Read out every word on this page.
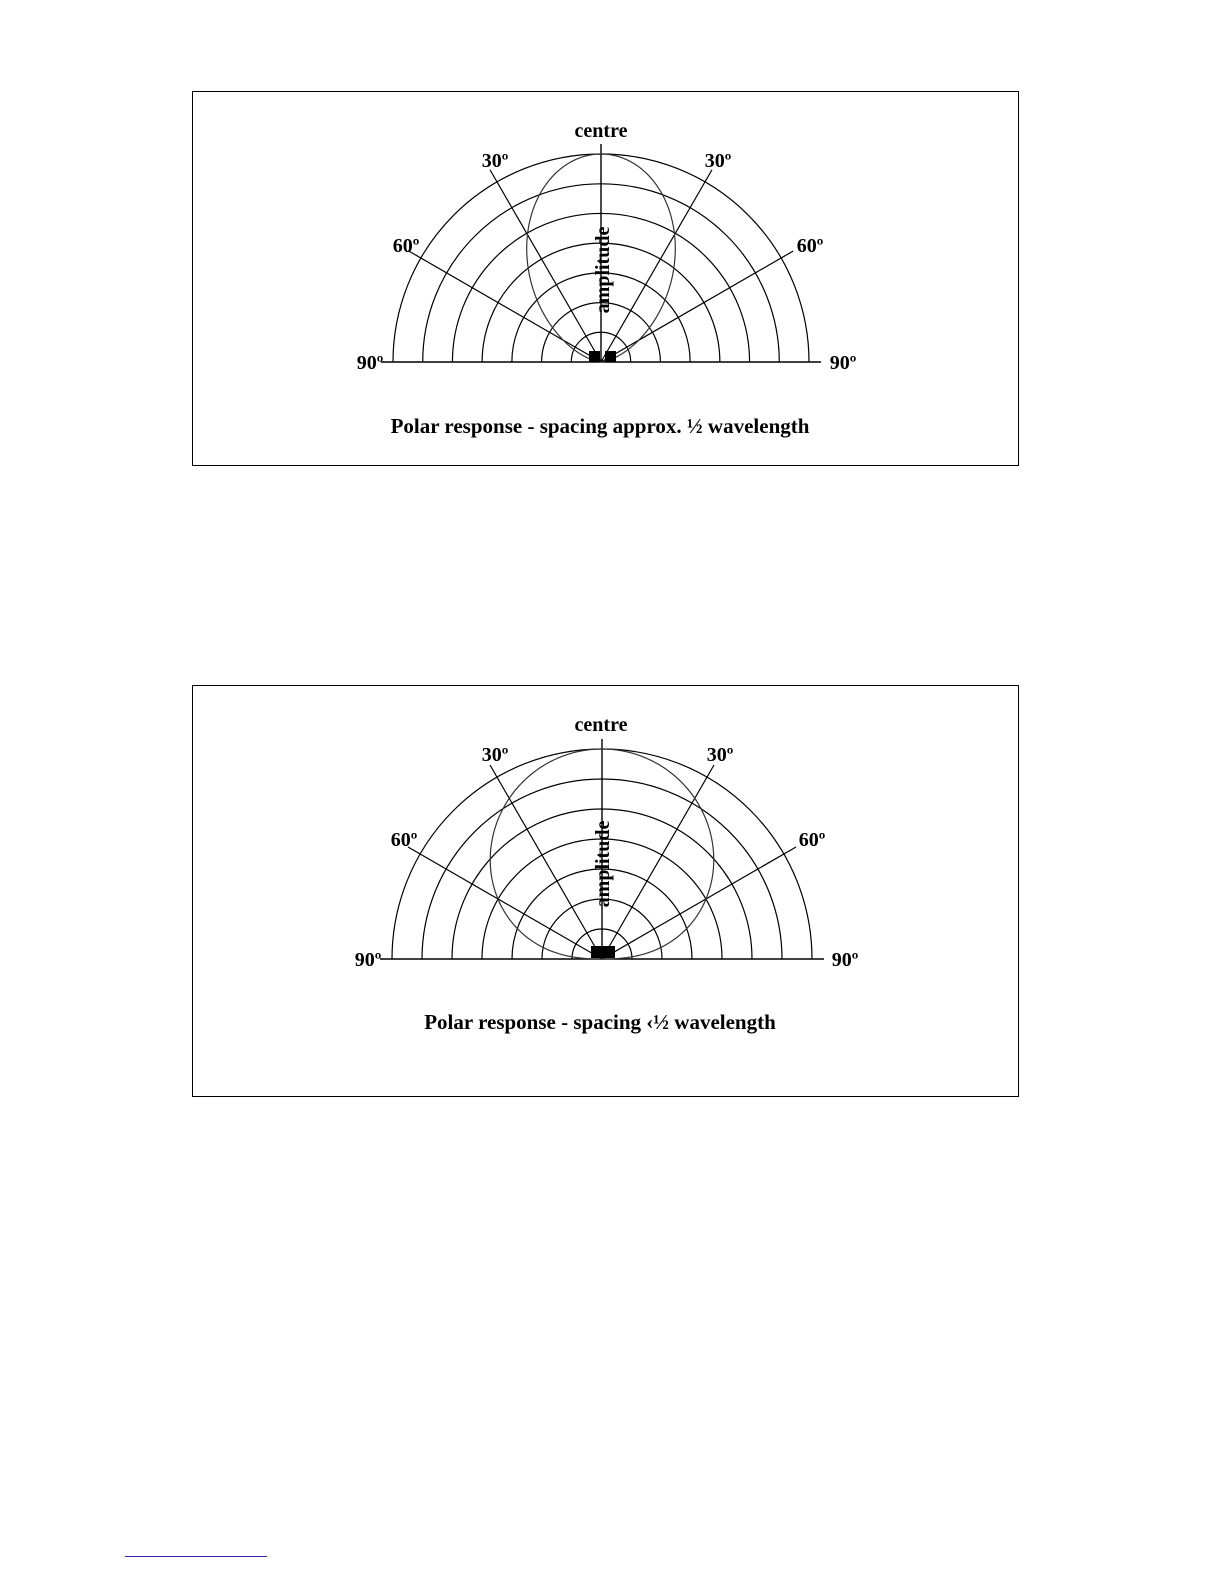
centre
30º	30º
60º	60º
90º	90º
amplitude
Polar response - spacing approx. ½ wavelength
centre
30º	30º
60º	60º
90º	90º
amplitude
Polar response - spacing ‹½ wavelength
